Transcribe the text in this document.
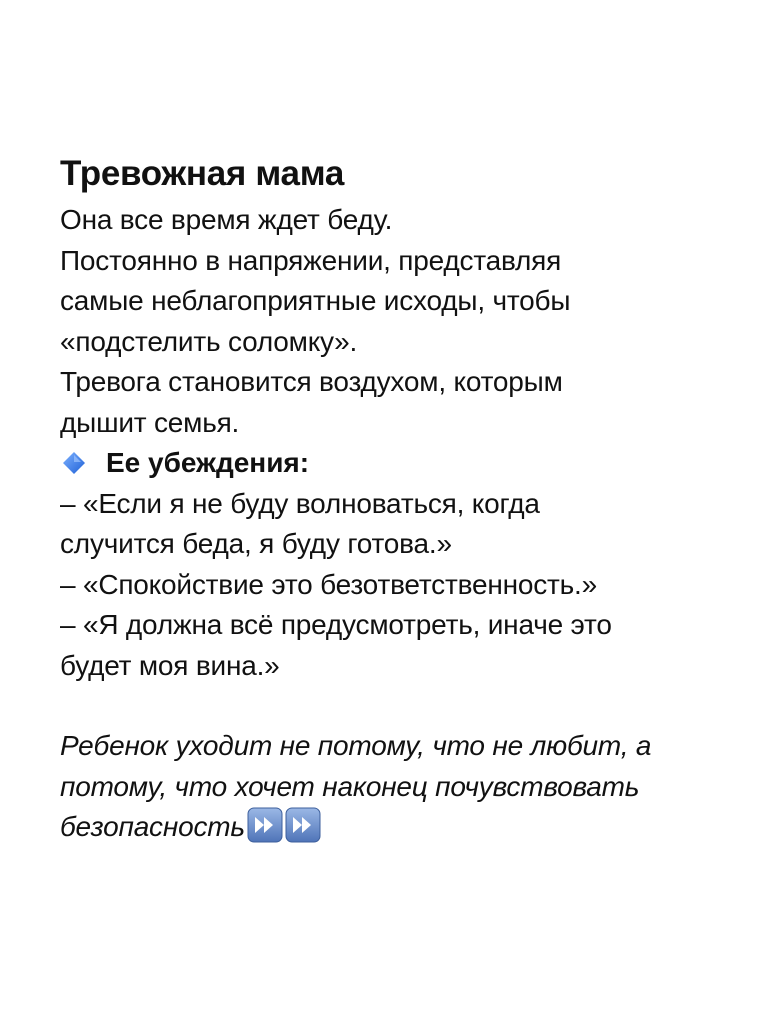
Тревожная мама
Она все время ждет беду.
Постоянно в напряжении, представляя
самые неблагоприятные исходы, чтобы
«подстелить соломку».
Тревога становится воздухом, которым
дышит семья.
Ее убеждения:
– «Если я не буду волноваться, когда
случится беда, я буду готова.»
– «Спокойствие это безответственность.»
– «Я должна всё предусмотреть, иначе это
будет моя вина.»
Ребенок уходит не потому, что не любит, а
потому, что хочет наконец почувствовать
безопасность
